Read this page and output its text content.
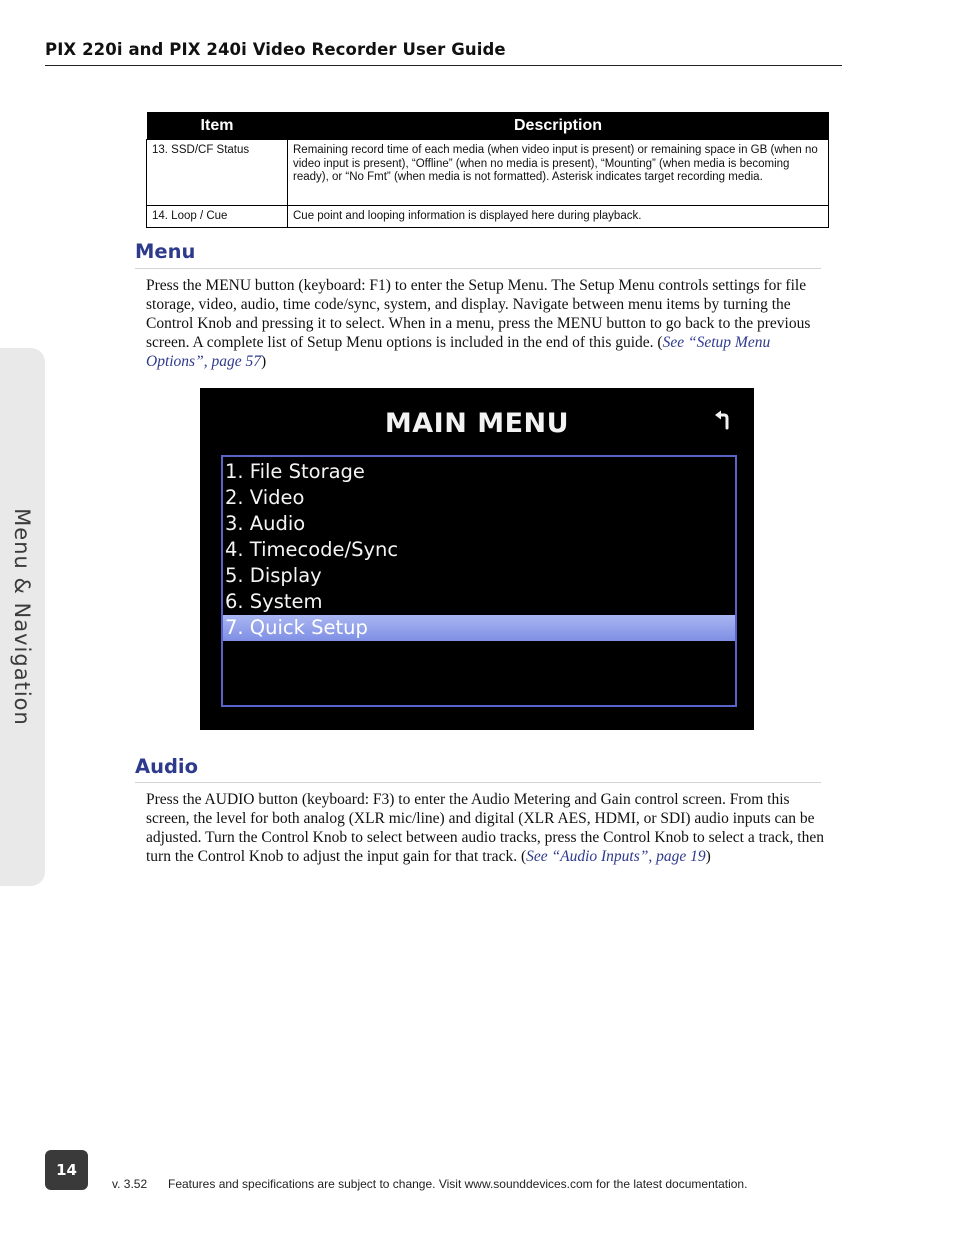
PIX 220i and PIX 240i Video Recorder User Guide
Menu & Navigation
Item	Description
13. SSD/CF Status	Remaining record time of each media (when video input is present) or remaining space in GB (when no video input is present), “Offline” (when no media is present), “Mounting” (when media is becoming ready), or “No Fmt” (when media is not formatted). Asterisk indicates target recording media.
14. Loop / Cue	Cue point and looping information is displayed here during playback.
Menu
Press the MENU button (keyboard: F1) to enter the Setup Menu. The Setup Menu controls settings for file storage, video, audio, time code/sync, system, and display. Navigate between menu items by turning the Control Knob and pressing it to select. When in a menu, press the MENU button to go back to the previous screen. A complete list of Setup Menu options is included in the end of this guide. (See “Setup Menu Options”, page 57)
MAIN MENU
1. File Storage
2. Video
3. Audio
4. Timecode/Sync
5. Display
6. System
7. Quick Setup
Audio
Press the AUDIO button (keyboard: F3) to enter the Audio Metering and Gain control screen. From this screen, the level for both analog (XLR mic/line) and digital (XLR AES, HDMI, or SDI) audio inputs can be adjusted. Turn the Control Knob to select between audio tracks, press the Control Knob to select a track, then turn the Control Knob to adjust the input gain for that track. (See “Audio Inputs”, page 19)
14
v. 3.52 Features and specifications are subject to change. Visit www.sounddevices.com for the latest documentation.
